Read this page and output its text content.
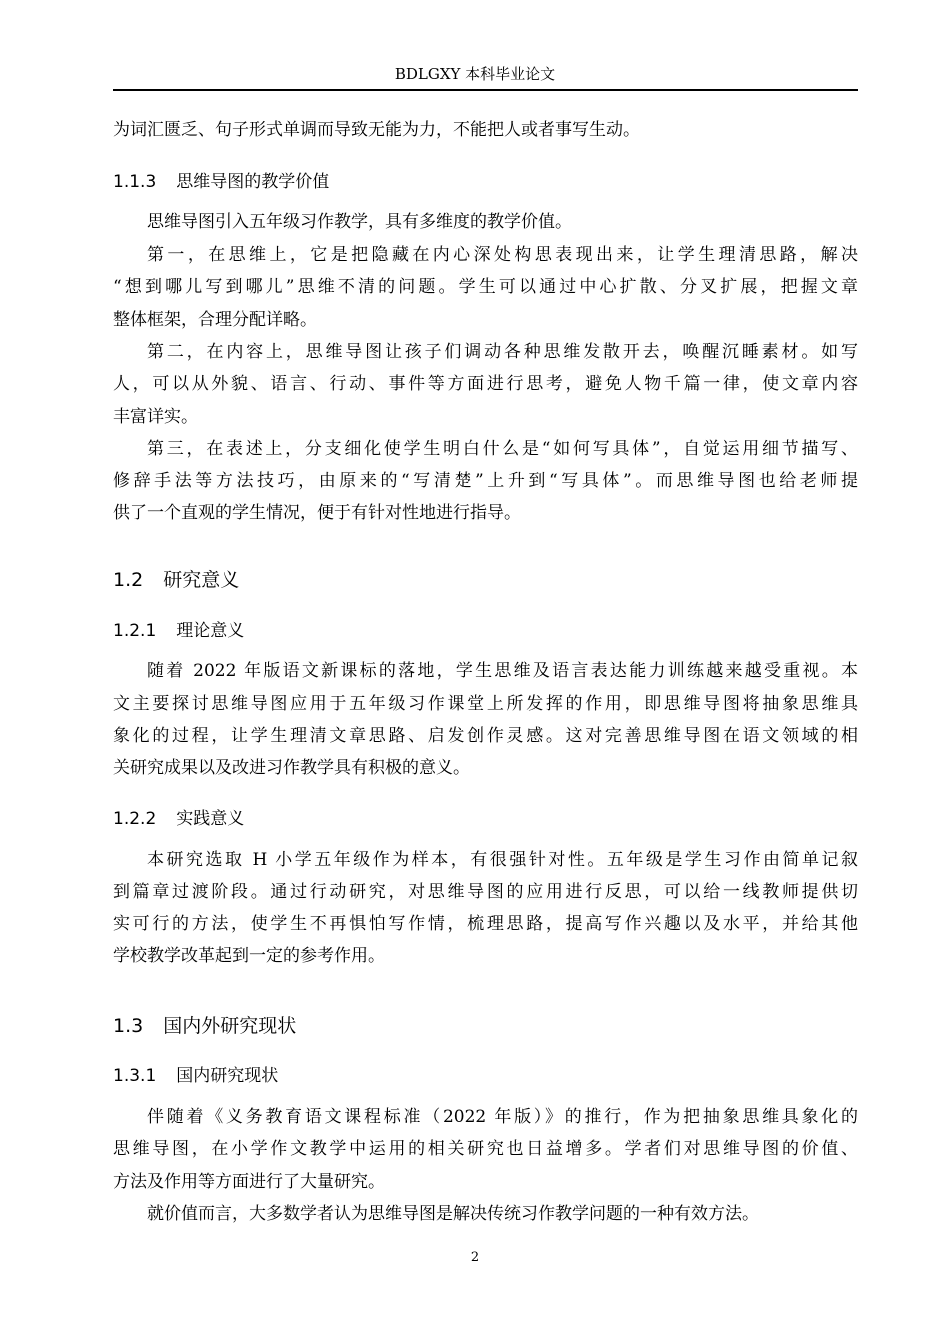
BDLGXY 本科毕业论文
为词汇匮乏、句子形式单调而导致无能为力，不能把人或者事写生动。
1.1.3 思维导图的教学价值
思维导图引入五年级习作教学，具有多维度的教学价值。
第一，在思维上，它是把隐藏在内心深处构思表现出来，让学生理清思路，解决
“想到哪儿写到哪儿”思维不清的问题。学生可以通过中心扩散、分叉扩展，把握文章
整体框架，合理分配详略。
第二，在内容上，思维导图让孩子们调动各种思维发散开去，唤醒沉睡素材。如写
人，可以从外貌、语言、行动、事件等方面进行思考，避免人物千篇一律，使文章内容
丰富详实。
第三，在表述上，分支细化使学生明白什么是“如何写具体”，自觉运用细节描写、
修辞手法等方法技巧，由原来的“写清楚”上升到“写具体”。而思维导图也给老师提
供了一个直观的学生情况，便于有针对性地进行指导。
1.2 研究意义
1.2.1 理论意义
随着 2022 年版语文新课标的落地，学生思维及语言表达能力训练越来越受重视。本
文主要探讨思维导图应用于五年级习作课堂上所发挥的作用，即思维导图将抽象思维具
象化的过程，让学生理清文章思路、启发创作灵感。这对完善思维导图在语文领域的相
关研究成果以及改进习作教学具有积极的意义。
1.2.2 实践意义
本研究选取 H 小学五年级作为样本，有很强针对性。五年级是学生习作由简单记叙
到篇章过渡阶段。通过行动研究，对思维导图的应用进行反思，可以给一线教师提供切
实可行的方法，使学生不再惧怕写作情，梳理思路，提高写作兴趣以及水平，并给其他
学校教学改革起到一定的参考作用。
1.3 国内外研究现状
1.3.1 国内研究现状
伴随着《义务教育语文课程标准（2022 年版）》的推行，作为把抽象思维具象化的
思维导图，在小学作文教学中运用的相关研究也日益增多。学者们对思维导图的价值、
方法及作用等方面进行了大量研究。
就价值而言，大多数学者认为思维导图是解决传统习作教学问题的一种有效方法。
2
